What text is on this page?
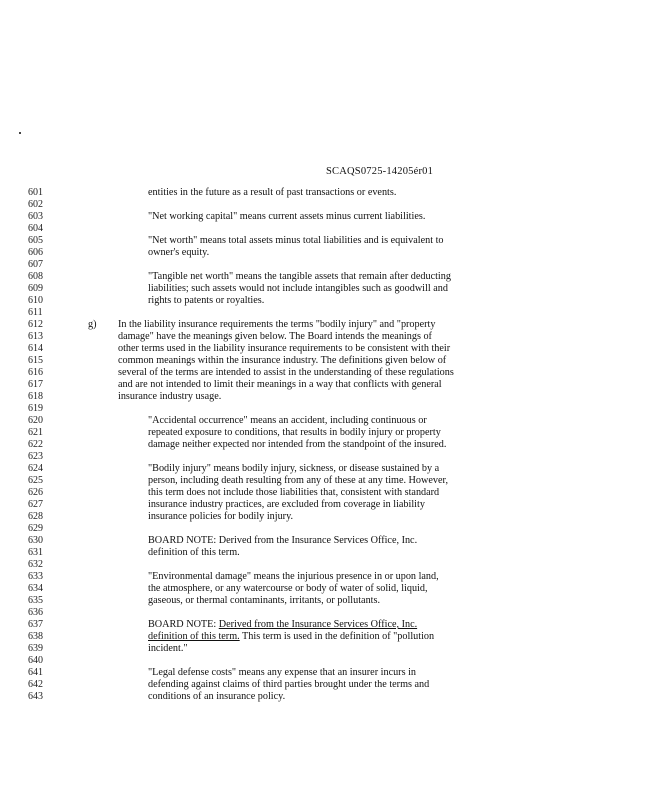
SCAQS0725-14205ér01
601
602
603
604
605
606
607
608
609
610
611
612
613
614
615
616
617
618
619
620
621
622
623
624
625
626
627
628
629
630
631
632
633
634
635
636
637
638
639
640
641
642
643
entities in the future as a result of past transactions or events.
"Net working capital" means current assets minus current liabilities.
"Net worth" means total assets minus total liabilities and is equivalent to
owner's equity.
"Tangible net worth" means the tangible assets that remain after deducting
liabilities; such assets would not include intangibles such as goodwill and
rights to patents or royalties.
g) In the liability insurance requirements the terms "bodily injury" and "property
damage" have the meanings given below. The Board intends the meanings of
other terms used in the liability insurance requirements to be consistent with their
common meanings within the insurance industry. The definitions given below of
several of the terms are intended to assist in the understanding of these regulations
and are not intended to limit their meanings in a way that conflicts with general
insurance industry usage.
"Accidental occurrence" means an accident, including continuous or
repeated exposure to conditions, that results in bodily injury or property
damage neither expected nor intended from the standpoint of the insured.
"Bodily injury" means bodily injury, sickness, or disease sustained by a
person, including death resulting from any of these at any time. However,
this term does not include those liabilities that, consistent with standard
insurance industry practices, are excluded from coverage in liability
insurance policies for bodily injury.
BOARD NOTE: Derived from the Insurance Services Office, Inc.
definition of this term.
"Environmental damage" means the injurious presence in or upon land,
the atmosphere, or any watercourse or body of water of solid, liquid,
gaseous, or thermal contaminants, irritants, or pollutants.
BOARD NOTE: Derived from the Insurance Services Office, Inc.
definition of this term. This term is used in the definition of "pollution
incident."
"Legal defense costs" means any expense that an insurer incurs in
defending against claims of third parties brought under the terms and
conditions of an insurance policy.
